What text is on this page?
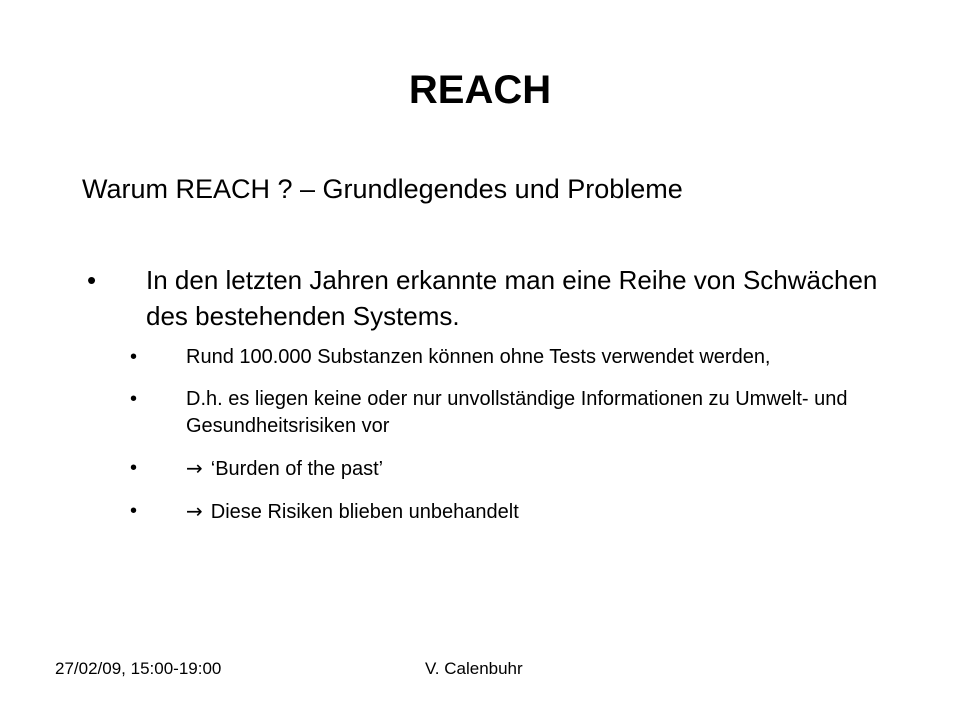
REACH
Warum REACH ? – Grundlegendes und Probleme
• In den letzten Jahren erkannte man eine Reihe von Schwächen des bestehenden Systems.
• Rund 100.000 Substanzen können ohne Tests verwendet werden,
• D.h. es liegen keine oder nur unvollständige Informationen zu Umwelt- und Gesundheitsrisiken vor
• → ‘Burden of the past’
• → Diese Risiken blieben unbehandelt
27/02/09, 15:00-19:00	V. Calenbuhr
